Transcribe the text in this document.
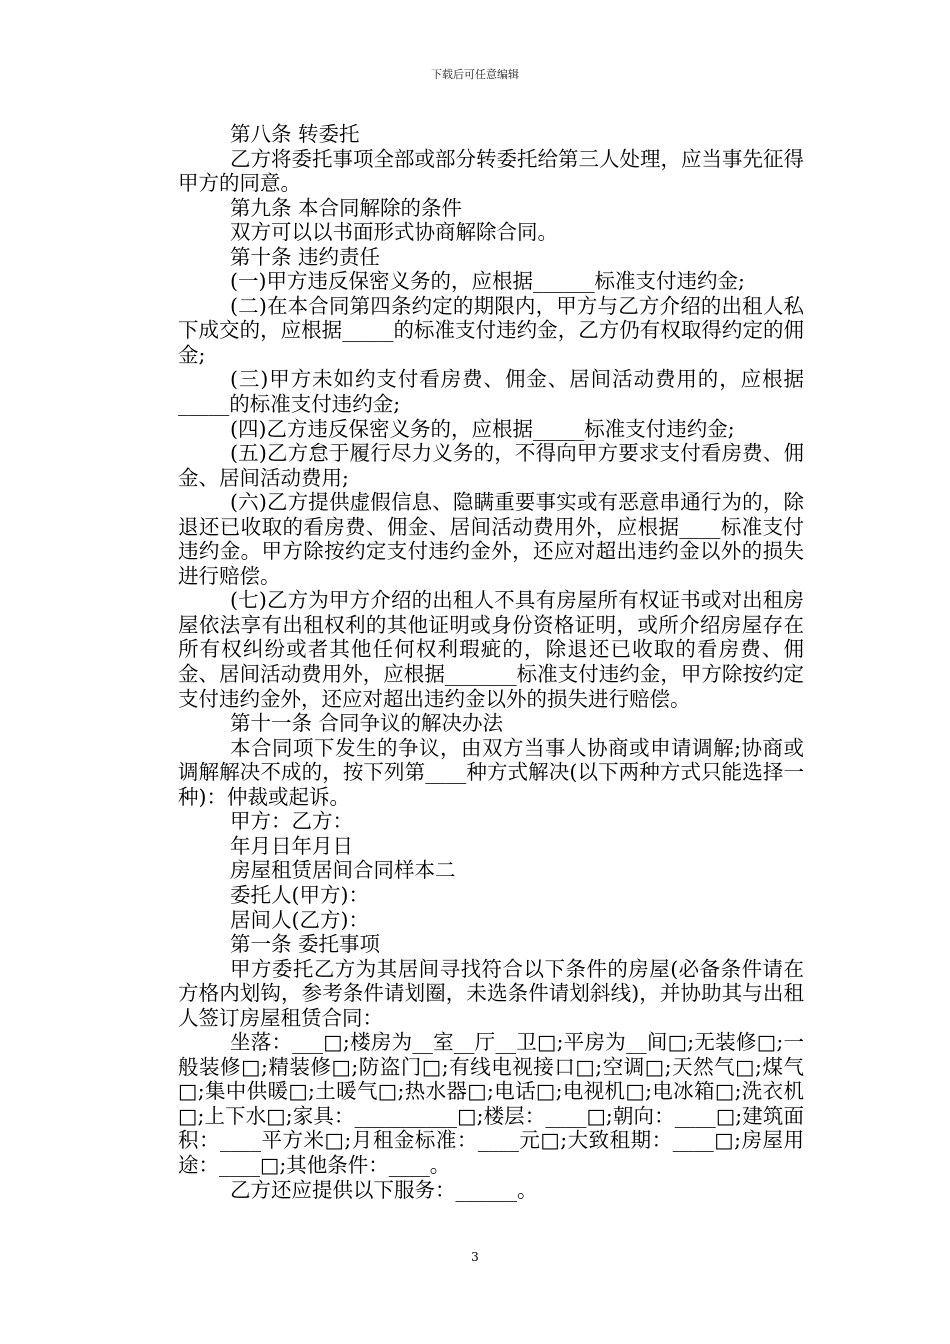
下载后可任意编辑
第八条 转委托
乙方将委托事项全部或部分转委托给第三人处理，应当事先征得甲方的同意。
第九条 本合同解除的条件
双方可以以书面形式协商解除合同。
第十条 违约责任
(一)甲方违反保密义务的，应根据______标准支付违约金;
(二)在本合同第四条约定的期限内，甲方与乙方介绍的出租人私下成交的，应根据_____的标准支付违约金，乙方仍有权取得约定的佣金;
(三)甲方未如约支付看房费、佣金、居间活动费用的，应根据_____的标准支付违约金;
(四)乙方违反保密义务的，应根据_____标准支付违约金;
(五)乙方怠于履行尽力义务的，不得向甲方要求支付看房费、佣金、居间活动费用;
(六)乙方提供虚假信息、隐瞒重要事实或有恶意串通行为的，除退还已收取的看房费、佣金、居间活动费用外，应根据____标准支付违约金。甲方除按约定支付违约金外，还应对超出违约金以外的损失进行赔偿。
(七)乙方为甲方介绍的出租人不具有房屋所有权证书或对出租房屋依法享有出租权利的其他证明或身份资格证明，或所介绍房屋存在所有权纠纷或者其他任何权利瑕疵的，除退还已收取的看房费、佣金、居间活动费用外，应根据_______标准支付违约金，甲方除按约定支付违约金外，还应对超出违约金以外的损失进行赔偿。
第十一条 合同争议的解决办法
本合同项下发生的争议，由双方当事人协商或申请调解;协商或调解解决不成的，按下列第____种方式解决(以下两种方式只能选择一种)：仲裁或起诉。
甲方：乙方：
年月日年月日
房屋租赁居间合同样本二
委托人(甲方)：
居间人(乙方)：
第一条 委托事项
甲方委托乙方为其居间寻找符合以下条件的房屋(必备条件请在方格内划钩，参考条件请划圈，未选条件请划斜线)，并协助其与出租人签订房屋租赁合同：
坐落：___□;楼房为__室__厅__卫□;平房为__间□;无装修□;一般装修□;精装修□;防盗门□;有线电视接口□;空调□;天然气□;煤气□;集中供暖□;土暖气□;热水器□;电话□;电视机□;电冰箱□;洗衣机□;上下水□;家具：__________□;楼层：____□;朝向：____□;建筑面积：____平方米□;月租金标准：____元□;大致租期：____□;房屋用途：____□;其他条件：____。
乙方还应提供以下服务：______。
3
